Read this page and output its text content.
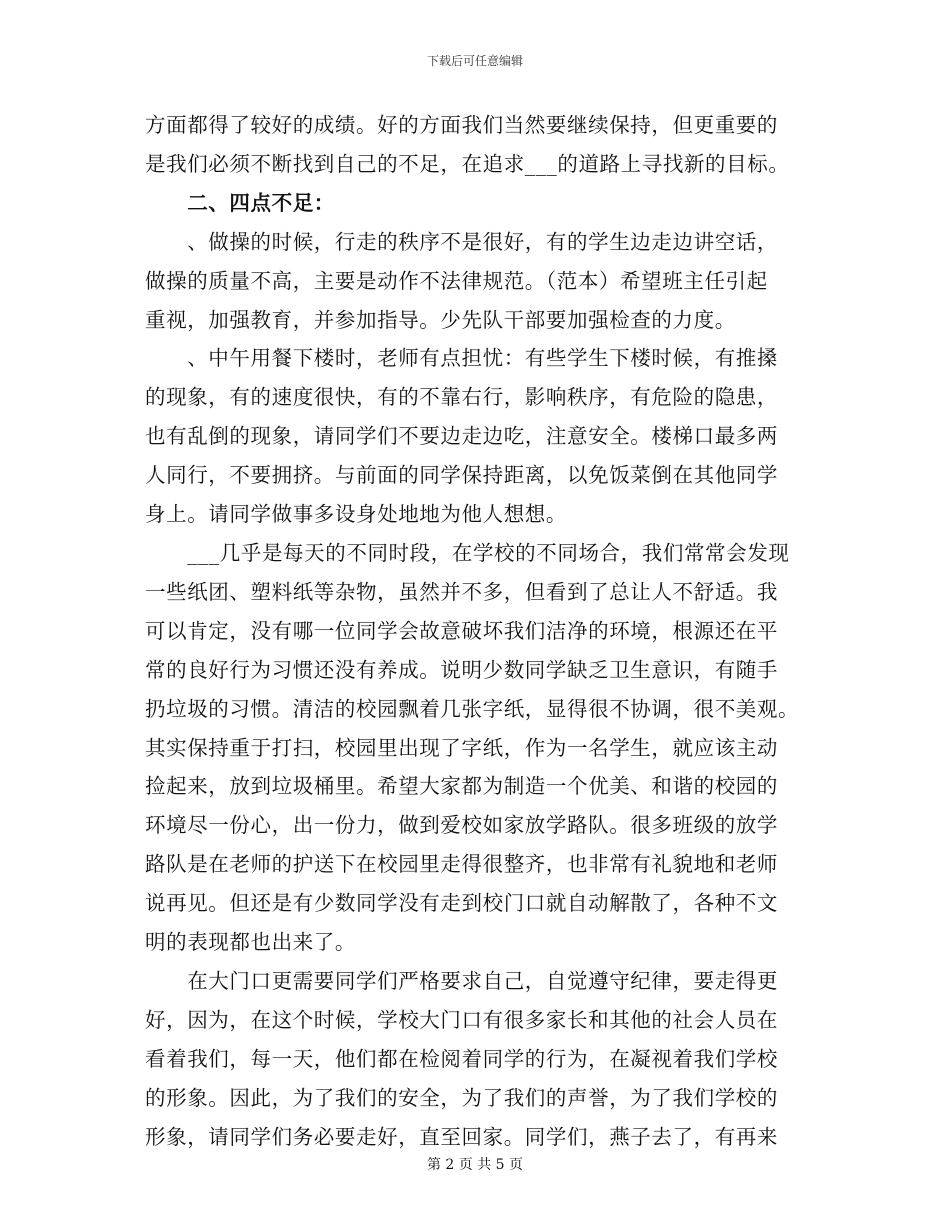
下载后可任意编辑
方面都得了较好的成绩。好的方面我们当然要继续保持，但更重要的
是我们必须不断找到自己的不足，在追求___的道路上寻找新的目标。
　　二、四点不足：
　　、做操的时候，行走的秩序不是很好，有的学生边走边讲空话，
做操的质量不高，主要是动作不法律规范。（范本）希望班主任引起
重视，加强教育，并参加指导。少先队干部要加强检查的力度。
　　、中午用餐下楼时，老师有点担忧：有些学生下楼时候，有推搡
的现象，有的速度很快，有的不靠右行，影响秩序，有危险的隐患，
也有乱倒的现象，请同学们不要边走边吃，注意安全。楼梯口最多两
人同行，不要拥挤。与前面的同学保持距离，以免饭菜倒在其他同学
身上。请同学做事多设身处地地为他人想想。
　　___几乎是每天的不同时段，在学校的不同场合，我们常常会发现
一些纸团、塑料纸等杂物，虽然并不多，但看到了总让人不舒适。我
可以肯定，没有哪一位同学会故意破坏我们洁净的环境，根源还在平
常的良好行为习惯还没有养成。说明少数同学缺乏卫生意识，有随手
扔垃圾的习惯。清洁的校园飘着几张字纸，显得很不协调，很不美观。
其实保持重于打扫，校园里出现了字纸，作为一名学生，就应该主动
捡起来，放到垃圾桶里。希望大家都为制造一个优美、和谐的校园的
环境尽一份心，出一份力，做到爱校如家放学路队。很多班级的放学
路队是在老师的护送下在校园里走得很整齐，也非常有礼貌地和老师
说再见。但还是有少数同学没有走到校门口就自动解散了，各种不文
明的表现都也出来了。
　　在大门口更需要同学们严格要求自己，自觉遵守纪律，要走得更
好，因为，在这个时候，学校大门口有很多家长和其他的社会人员在
看着我们，每一天，他们都在检阅着同学的行为，在凝视着我们学校
的形象。因此，为了我们的安全，为了我们的声誉，为了我们学校的
形象，请同学们务必要走好，直至回家。同学们，燕子去了，有再来
第 2 页 共 5 页
